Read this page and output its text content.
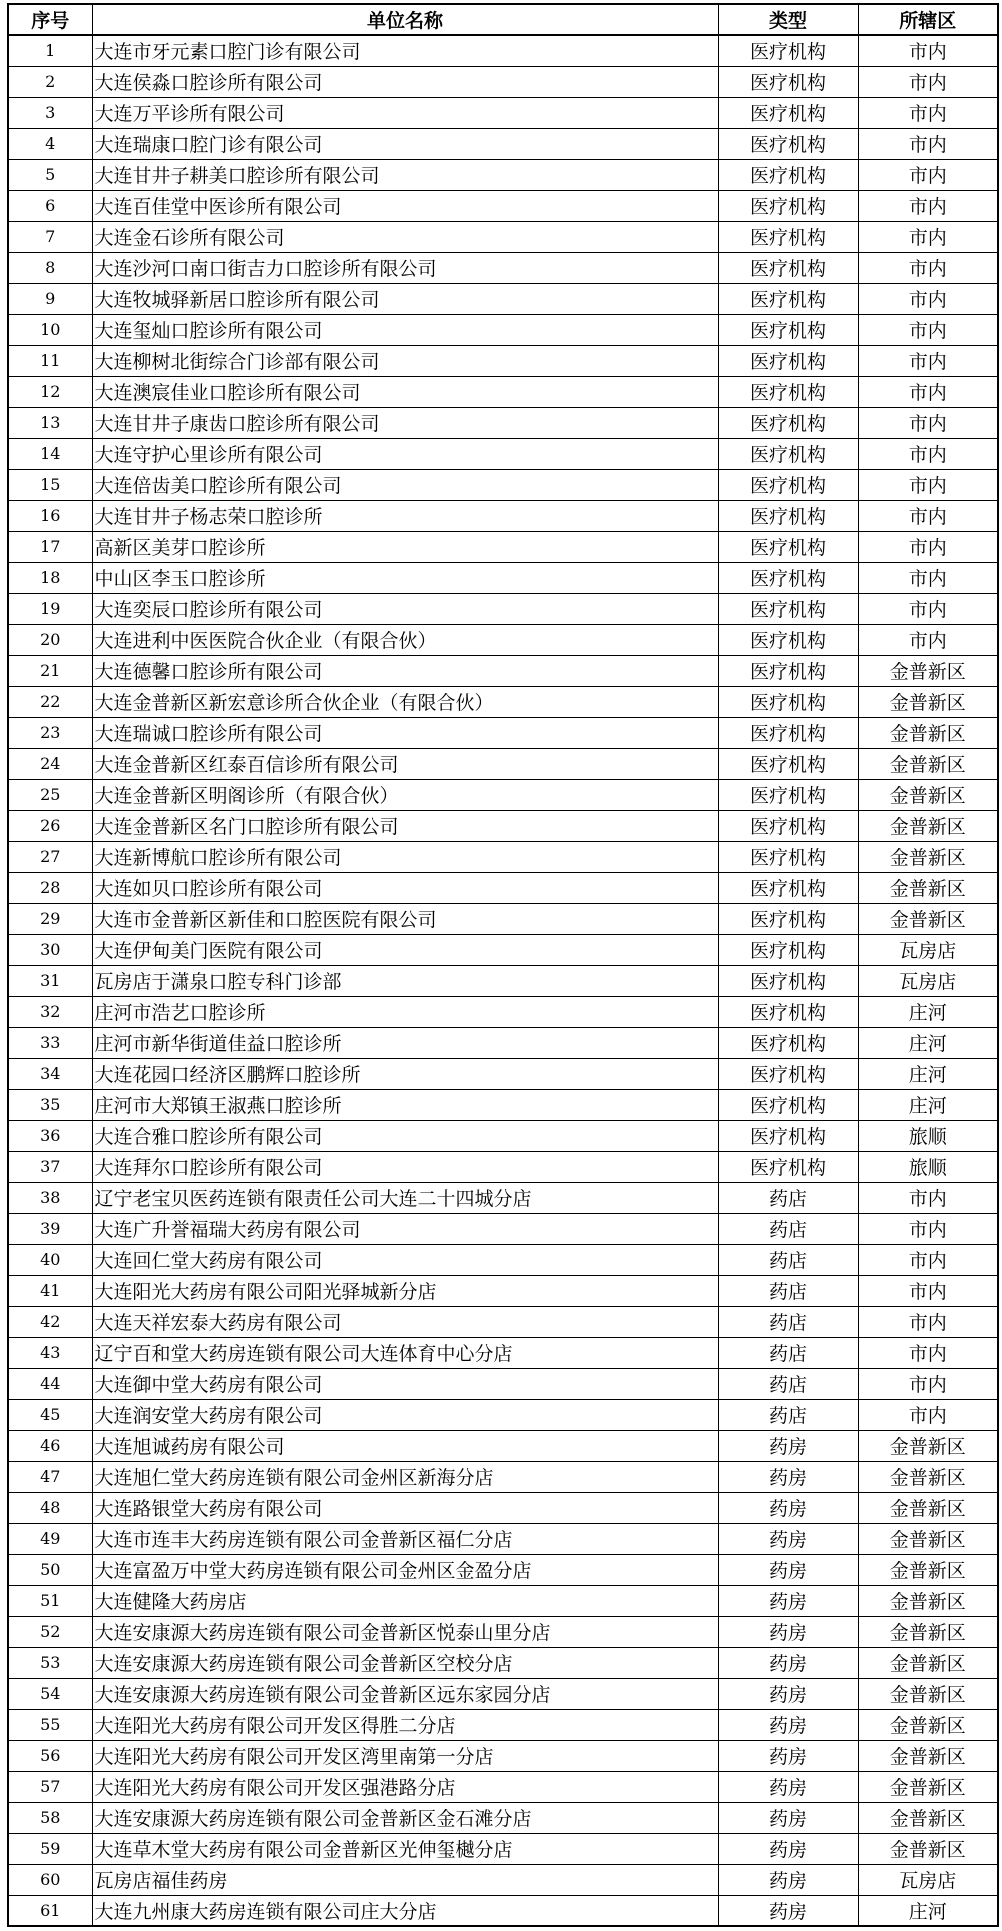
序号	单位名称	类型	所辖区
1	大连市牙元素口腔门诊有限公司	医疗机构	市内
2	大连侯淼口腔诊所有限公司	医疗机构	市内
3	大连万平诊所有限公司	医疗机构	市内
4	大连瑞康口腔门诊有限公司	医疗机构	市内
5	大连甘井子耕美口腔诊所有限公司	医疗机构	市内
6	大连百佳堂中医诊所有限公司	医疗机构	市内
7	大连金石诊所有限公司	医疗机构	市内
8	大连沙河口南口街吉力口腔诊所有限公司	医疗机构	市内
9	大连牧城驿新居口腔诊所有限公司	医疗机构	市内
10	大连玺灿口腔诊所有限公司	医疗机构	市内
11	大连柳树北街综合门诊部有限公司	医疗机构	市内
12	大连澳宸佳业口腔诊所有限公司	医疗机构	市内
13	大连甘井子康齿口腔诊所有限公司	医疗机构	市内
14	大连守护心里诊所有限公司	医疗机构	市内
15	大连倍齿美口腔诊所有限公司	医疗机构	市内
16	大连甘井子杨志荣口腔诊所	医疗机构	市内
17	高新区美芽口腔诊所	医疗机构	市内
18	中山区李玉口腔诊所	医疗机构	市内
19	大连奕辰口腔诊所有限公司	医疗机构	市内
20	大连进利中医医院合伙企业（有限合伙）	医疗机构	市内
21	大连德馨口腔诊所有限公司	医疗机构	金普新区
22	大连金普新区新宏意诊所合伙企业（有限合伙）	医疗机构	金普新区
23	大连瑞诚口腔诊所有限公司	医疗机构	金普新区
24	大连金普新区红泰百信诊所有限公司	医疗机构	金普新区
25	大连金普新区明阁诊所（有限合伙）	医疗机构	金普新区
26	大连金普新区名门口腔诊所有限公司	医疗机构	金普新区
27	大连新博航口腔诊所有限公司	医疗机构	金普新区
28	大连如贝口腔诊所有限公司	医疗机构	金普新区
29	大连市金普新区新佳和口腔医院有限公司	医疗机构	金普新区
30	大连伊甸美门医院有限公司	医疗机构	瓦房店
31	瓦房店于潇泉口腔专科门诊部	医疗机构	瓦房店
32	庄河市浩艺口腔诊所	医疗机构	庄河
33	庄河市新华街道佳益口腔诊所	医疗机构	庄河
34	大连花园口经济区鹏辉口腔诊所	医疗机构	庄河
35	庄河市大郑镇王淑燕口腔诊所	医疗机构	庄河
36	大连合雅口腔诊所有限公司	医疗机构	旅顺
37	大连拜尔口腔诊所有限公司	医疗机构	旅顺
38	辽宁老宝贝医药连锁有限责任公司大连二十四城分店	药店	市内
39	大连广升誉福瑞大药房有限公司	药店	市内
40	大连回仁堂大药房有限公司	药店	市内
41	大连阳光大药房有限公司阳光驿城新分店	药店	市内
42	大连天祥宏泰大药房有限公司	药店	市内
43	辽宁百和堂大药房连锁有限公司大连体育中心分店	药店	市内
44	大连御中堂大药房有限公司	药店	市内
45	大连润安堂大药房有限公司	药店	市内
46	大连旭诚药房有限公司	药房	金普新区
47	大连旭仁堂大药房连锁有限公司金州区新海分店	药房	金普新区
48	大连路银堂大药房有限公司	药房	金普新区
49	大连市连丰大药房连锁有限公司金普新区福仁分店	药房	金普新区
50	大连富盈万中堂大药房连锁有限公司金州区金盈分店	药房	金普新区
51	大连健隆大药房店	药房	金普新区
52	大连安康源大药房连锁有限公司金普新区悦泰山里分店	药房	金普新区
53	大连安康源大药房连锁有限公司金普新区空校分店	药房	金普新区
54	大连安康源大药房连锁有限公司金普新区远东家园分店	药房	金普新区
55	大连阳光大药房有限公司开发区得胜二分店	药房	金普新区
56	大连阳光大药房有限公司开发区湾里南第一分店	药房	金普新区
57	大连阳光大药房有限公司开发区强港路分店	药房	金普新区
58	大连安康源大药房连锁有限公司金普新区金石滩分店	药房	金普新区
59	大连草木堂大药房有限公司金普新区光伸玺樾分店	药房	金普新区
60	瓦房店福佳药房	药房	瓦房店
61	大连九州康大药房连锁有限公司庄大分店	药房	庄河
